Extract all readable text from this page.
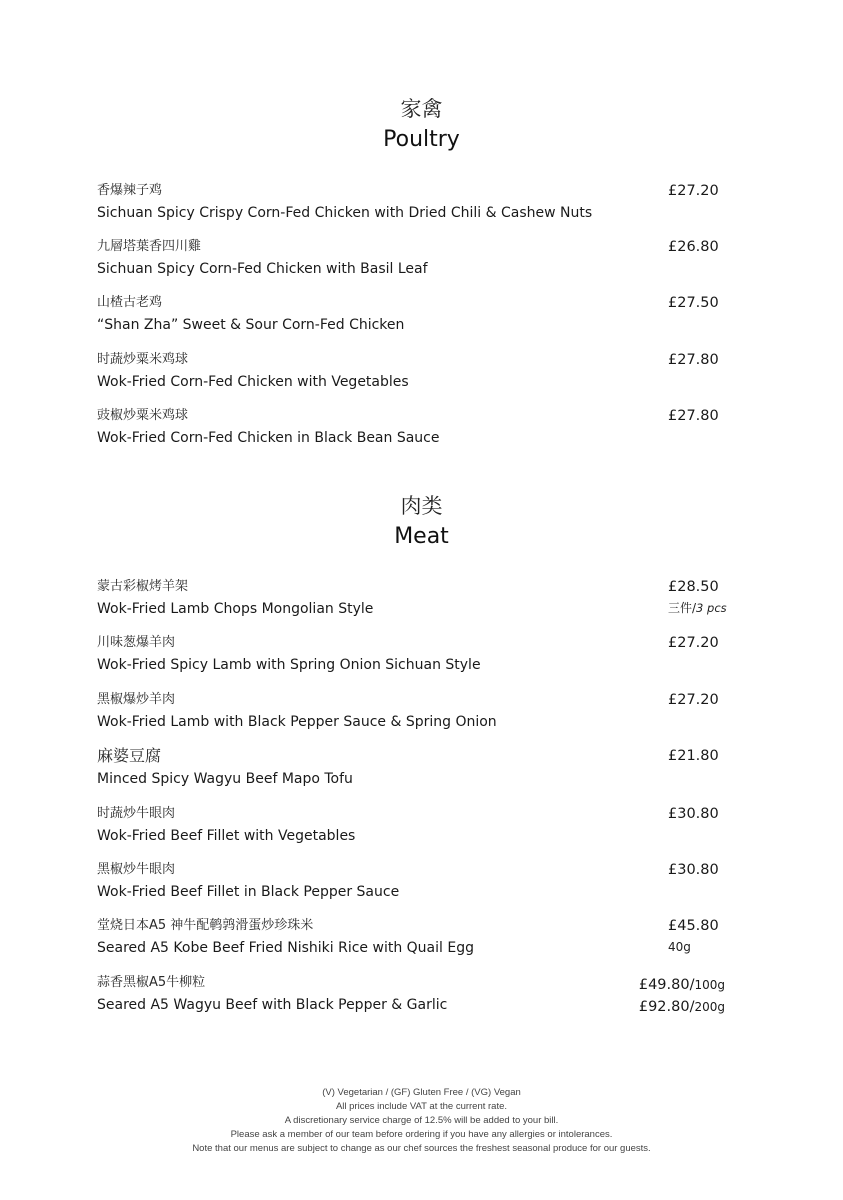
家禽
Poultry
香爆辣子鸡
Sichuan Spicy Crispy Corn-Fed Chicken with Dried Chili & Cashew Nuts
£27.20
九層塔葉香四川雞
Sichuan Spicy Corn-Fed Chicken with Basil Leaf
£26.80
山楂古老鸡
“Shan Zha” Sweet & Sour Corn-Fed Chicken
£27.50
时蔬炒粟米鸡球
Wok-Fried Corn-Fed Chicken with Vegetables
£27.80
豉椒炒粟米鸡球
Wok-Fried Corn-Fed Chicken in Black Bean Sauce
£27.80
肉类
Meat
蒙古彩椒烤羊架
Wok-Fried Lamb Chops Mongolian Style
£28.50
三件/3 pcs
川味葱爆羊肉
Wok-Fried Spicy Lamb with Spring Onion Sichuan Style
£27.20
黑椒爆炒羊肉
Wok-Fried Lamb with Black Pepper Sauce & Spring Onion
£27.20
麻婆豆腐
Minced Spicy Wagyu Beef Mapo Tofu
£21.80
时蔬炒牛眼肉
Wok-Fried Beef Fillet with Vegetables
£30.80
黑椒炒牛眼肉
Wok-Fried Beef Fillet in Black Pepper Sauce
£30.80
堂烧日本A5 神牛配鹌鹑滑蛋炒珍珠米
Seared A5 Kobe Beef Fried Nishiki Rice with Quail Egg
£45.80
40g
蒜香黑椒A5牛柳粒
Seared A5 Wagyu Beef with Black Pepper & Garlic
£49.80/100g
£92.80/200g
(V) Vegetarian / (GF) Gluten Free / (VG) Vegan
All prices include VAT at the current rate.
A discretionary service charge of 12.5% will be added to your bill.
Please ask a member of our team before ordering if you have any allergies or intolerances.
Note that our menus are subject to change as our chef sources the freshest seasonal produce for our guests.
